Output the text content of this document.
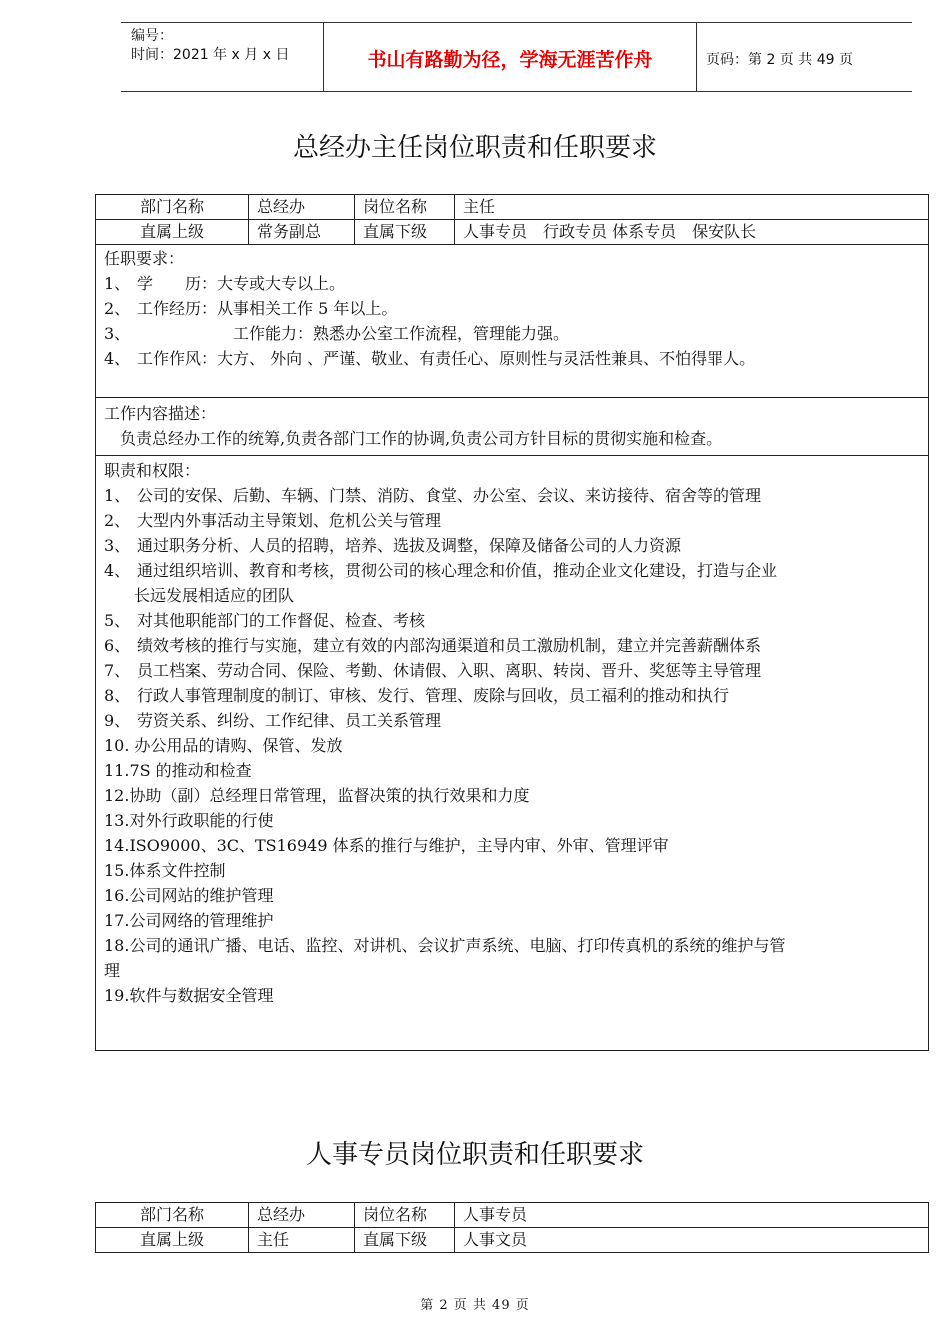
编号：
时间：2021 年 x 月 x 日	书山有路勤为径，学海无涯苦作舟	页码：第 2 页 共 49 页
总经办主任岗位职责和任职要求
部门名称	总经办	岗位名称	主任
直属上级	常务副总	直属下级	人事专员　行政专员 体系专员　保安队长
任职要求：
1、 学　　历：大专或大专以上。
2、 工作经历：从事相关工作 5 年以上。
3、	工作能力：熟悉办公室工作流程，管理能力强。
4、 工作作风：大方、 外向 、严谨、敬业、有责任心、原则性与灵活性兼具、不怕得罪人。
工作内容描述：
负责总经办工作的统筹,负责各部门工作的协调,负责公司方针目标的贯彻实施和检查。
职责和权限：
1、 公司的安保、后勤、车辆、门禁、消防、食堂、办公室、会议、来访接待、宿舍等的管理
2、 大型内外事活动主导策划、危机公关与管理
3、 通过职务分析、人员的招聘，培养、选拔及调整，保障及储备公司的人力资源
4、 通过组织培训、教育和考核，贯彻公司的核心理念和价值，推动企业文化建设，打造与企业
长远发展相适应的团队
5、 对其他职能部门的工作督促、检查、考核
6、 绩效考核的推行与实施，建立有效的内部沟通渠道和员工激励机制，建立并完善薪酬体系
7、 员工档案、劳动合同、保险、考勤、休请假、入职、离职、转岗、晋升、奖惩等主导管理
8、 行政人事管理制度的制订、审核、发行、管理、废除与回收，员工福利的推动和执行
9、 劳资关系、纠纷、工作纪律、员工关系管理
10. 办公用品的请购、保管、发放
11.7S 的推动和检查
12.协助（副）总经理日常管理，监督决策的执行效果和力度
13.对外行政职能的行使
14.ISO9000、3C、TS16949 体系的推行与维护，主导内审、外审、管理评审
15.体系文件控制
16.公司网站的维护管理
17.公司网络的管理维护
18.公司的通讯广播、电话、监控、对讲机、会议扩声系统、电脑、打印传真机的系统的维护与管
理
19.软件与数据安全管理
人事专员岗位职责和任职要求
部门名称	总经办	岗位名称	人事专员
直属上级	主任	直属下级	人事文员
第 2 页 共 49 页
